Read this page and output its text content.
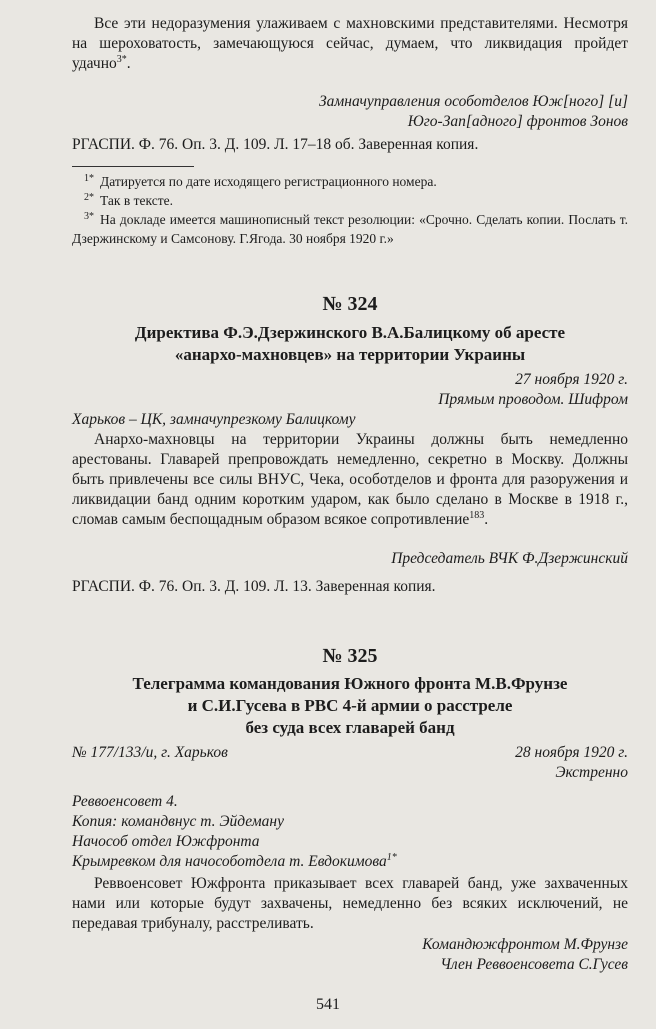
Все эти недоразумения улаживаем с махновскими представителями. Несмотря на шероховатость, замечающуюся сейчас, думаем, что ликвидация пройдет удачно$^{3*}$.

Замначуправления особотделов Юж[ного] [и]

Юго-Зап[адного] фронтов Зонов

РГАСПИ. Ф. 76. Оп. 3. Д. 109. Л. 17–18 об. Заверенная копия.
1* Датируется по дате исходящего регистрационного номера.
2* Так в тексте.
3* На докладе имеется машинописный текст резолюции: «Срочно. Сделать копии. Послать т. Дзержинскому и Самсонову. Г.Ягода. 30 ноября 1920 г.»
№ 324

Директива Ф.Э.Дзержинского В.А.Балицкому об аресте

«анархо-махновцев» на территории Украины

27 ноября 1920 г.

Прямым проводом. Шифром

Харьков – ЦК, замначупрезкому Балицкому
Анархо-махновцы на территории Украины должны быть немедленно арестованы. Главарей препровождать немедленно, секретно в Москву. Должны быть привлечены все силы ВНУС, Чека, особотделов и фронта для разоружения и ликвидации банд одним коротким ударом, как было сделано в Москве в 1918 г., сломав самым беспощадным образом всякое сопротивление$^{183}$.
Председатель ВЧК Ф.Дзержинский
РГАСПИ. Ф. 76. Оп. 3. Д. 109. Л. 13. Заверенная копия.
№ 325

Телеграмма командования Южного фронта М.В.Фрунзе

и С.И.Гусева в РВС 4-й армии о расстреле

без суда всех главарей банд

№ 177/133/и, г. Харьков	28 ноября 1920 г.
Экстренно

Реввоенсовет 4.

Копия: командвнус т. Эйдеману

Начособ отдел Южфронта

Крымревком для начособотдела т. Евдокимова$^{1*}$

Реввоенсовет Южфронта приказывает всех главарей банд, уже захваченных нами или которые будут захвачены, немедленно без всяких исключений, не передавая трибуналу, расстреливать.

Командюжфронтом М.Фрунзе

Член Реввоенсовета С.Гусев

541
